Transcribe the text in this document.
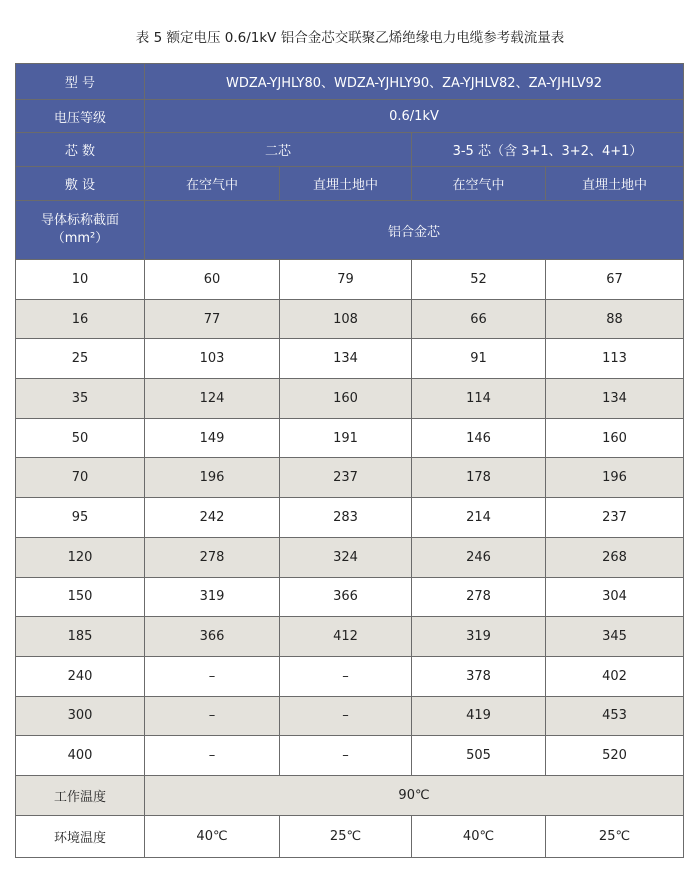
表 5 额定电压 0.6/1kV 铝合金芯交联聚乙烯绝缘电力电缆参考载流量表
型 号	WDZA-YJHLY80、WDZA-YJHLY90、ZA-YJHLV82、ZA-YJHLV92			
电压等级	0.6/1kV			
芯 数	二芯		3-5 芯（含 3+1、3+2、4+1）	
敷 设	在空气中	直埋土地中	在空气中	直埋土地中

导体标称截面
（mm²）	铝合金芯			
10	60	79	52	67
16	77	108	66	88
25	103	134	91	113
35	124	160	114	134
50	149	191	146	160
70	196	237	178	196
95	242	283	214	237
120	278	324	246	268
150	319	366	278	304
185	366	412	319	345
240	–	–	378	402
300	–	–	419	453
400	–	–	505	520
工作温度	90℃			
环境温度	40℃	25℃	40℃	25℃
